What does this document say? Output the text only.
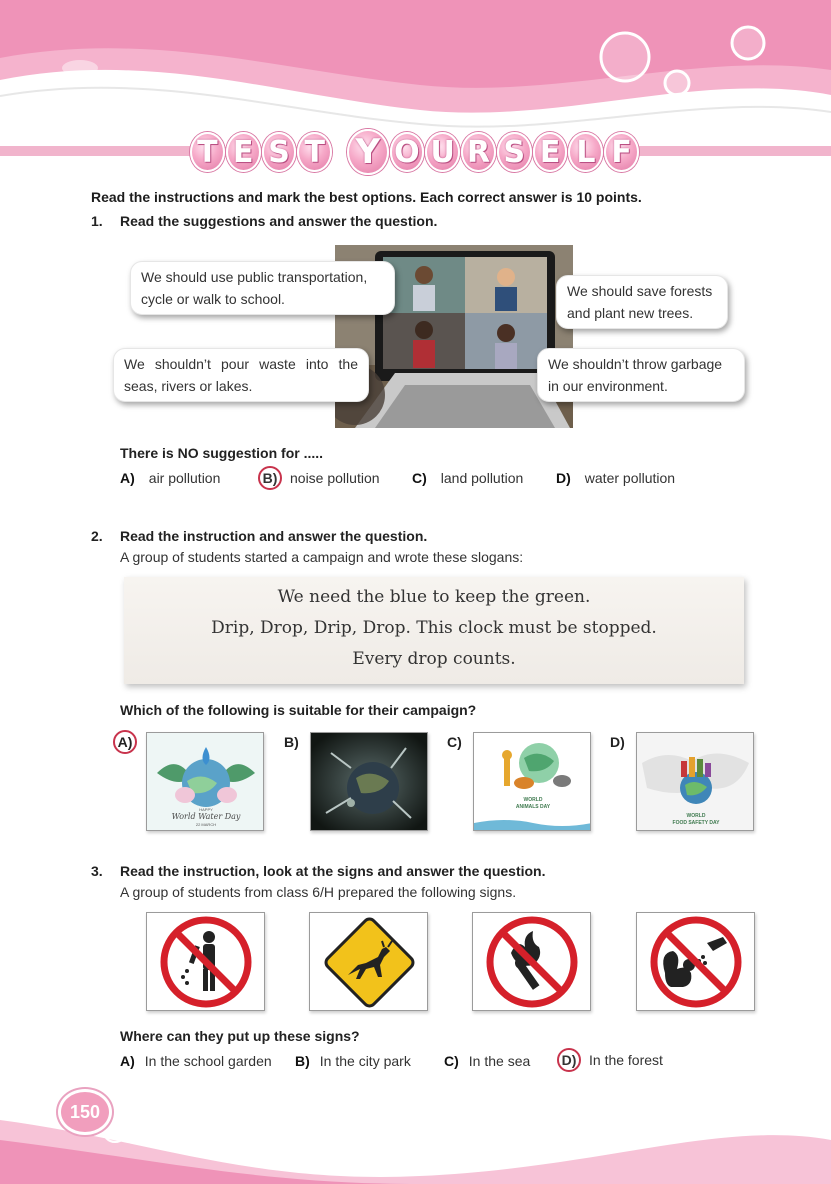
T E S T Y O U R S E L F
Read the instructions and mark the best options. Each correct answer is 10 points.
1. Read the suggestions and answer the question.
We should use public transportation, cycle or walk to school.	We should save forests and plant new trees.
We shouldn’t pour waste into the seas, rivers or lakes.
We shouldn’t throw garbage in our environment.
There is NO suggestion for .....
A) air pollution	B) noise pollution C) land pollution D) water pollution
2. Read the instruction and answer the question.
A group of students started a campaign and wrote these slogans:
We need the blue to keep the green.
Drip, Drop, Drip, Drop. This clock must be stopped.
Every drop counts.
Which of the following is suitable for their campaign?
A)
HAPPY
World Water Day
22 MARCH
B)	C)
WORLD
ANIMALS DAY
D)
WORLD
FOOD SAFETY DAY
3. Read the instruction, look at the signs and answer the question.
A group of students from class 6/H prepared the following signs.
Where can they put up these signs?
A) In the school garden B) In the city park C) In the sea	D) In the forest
150
